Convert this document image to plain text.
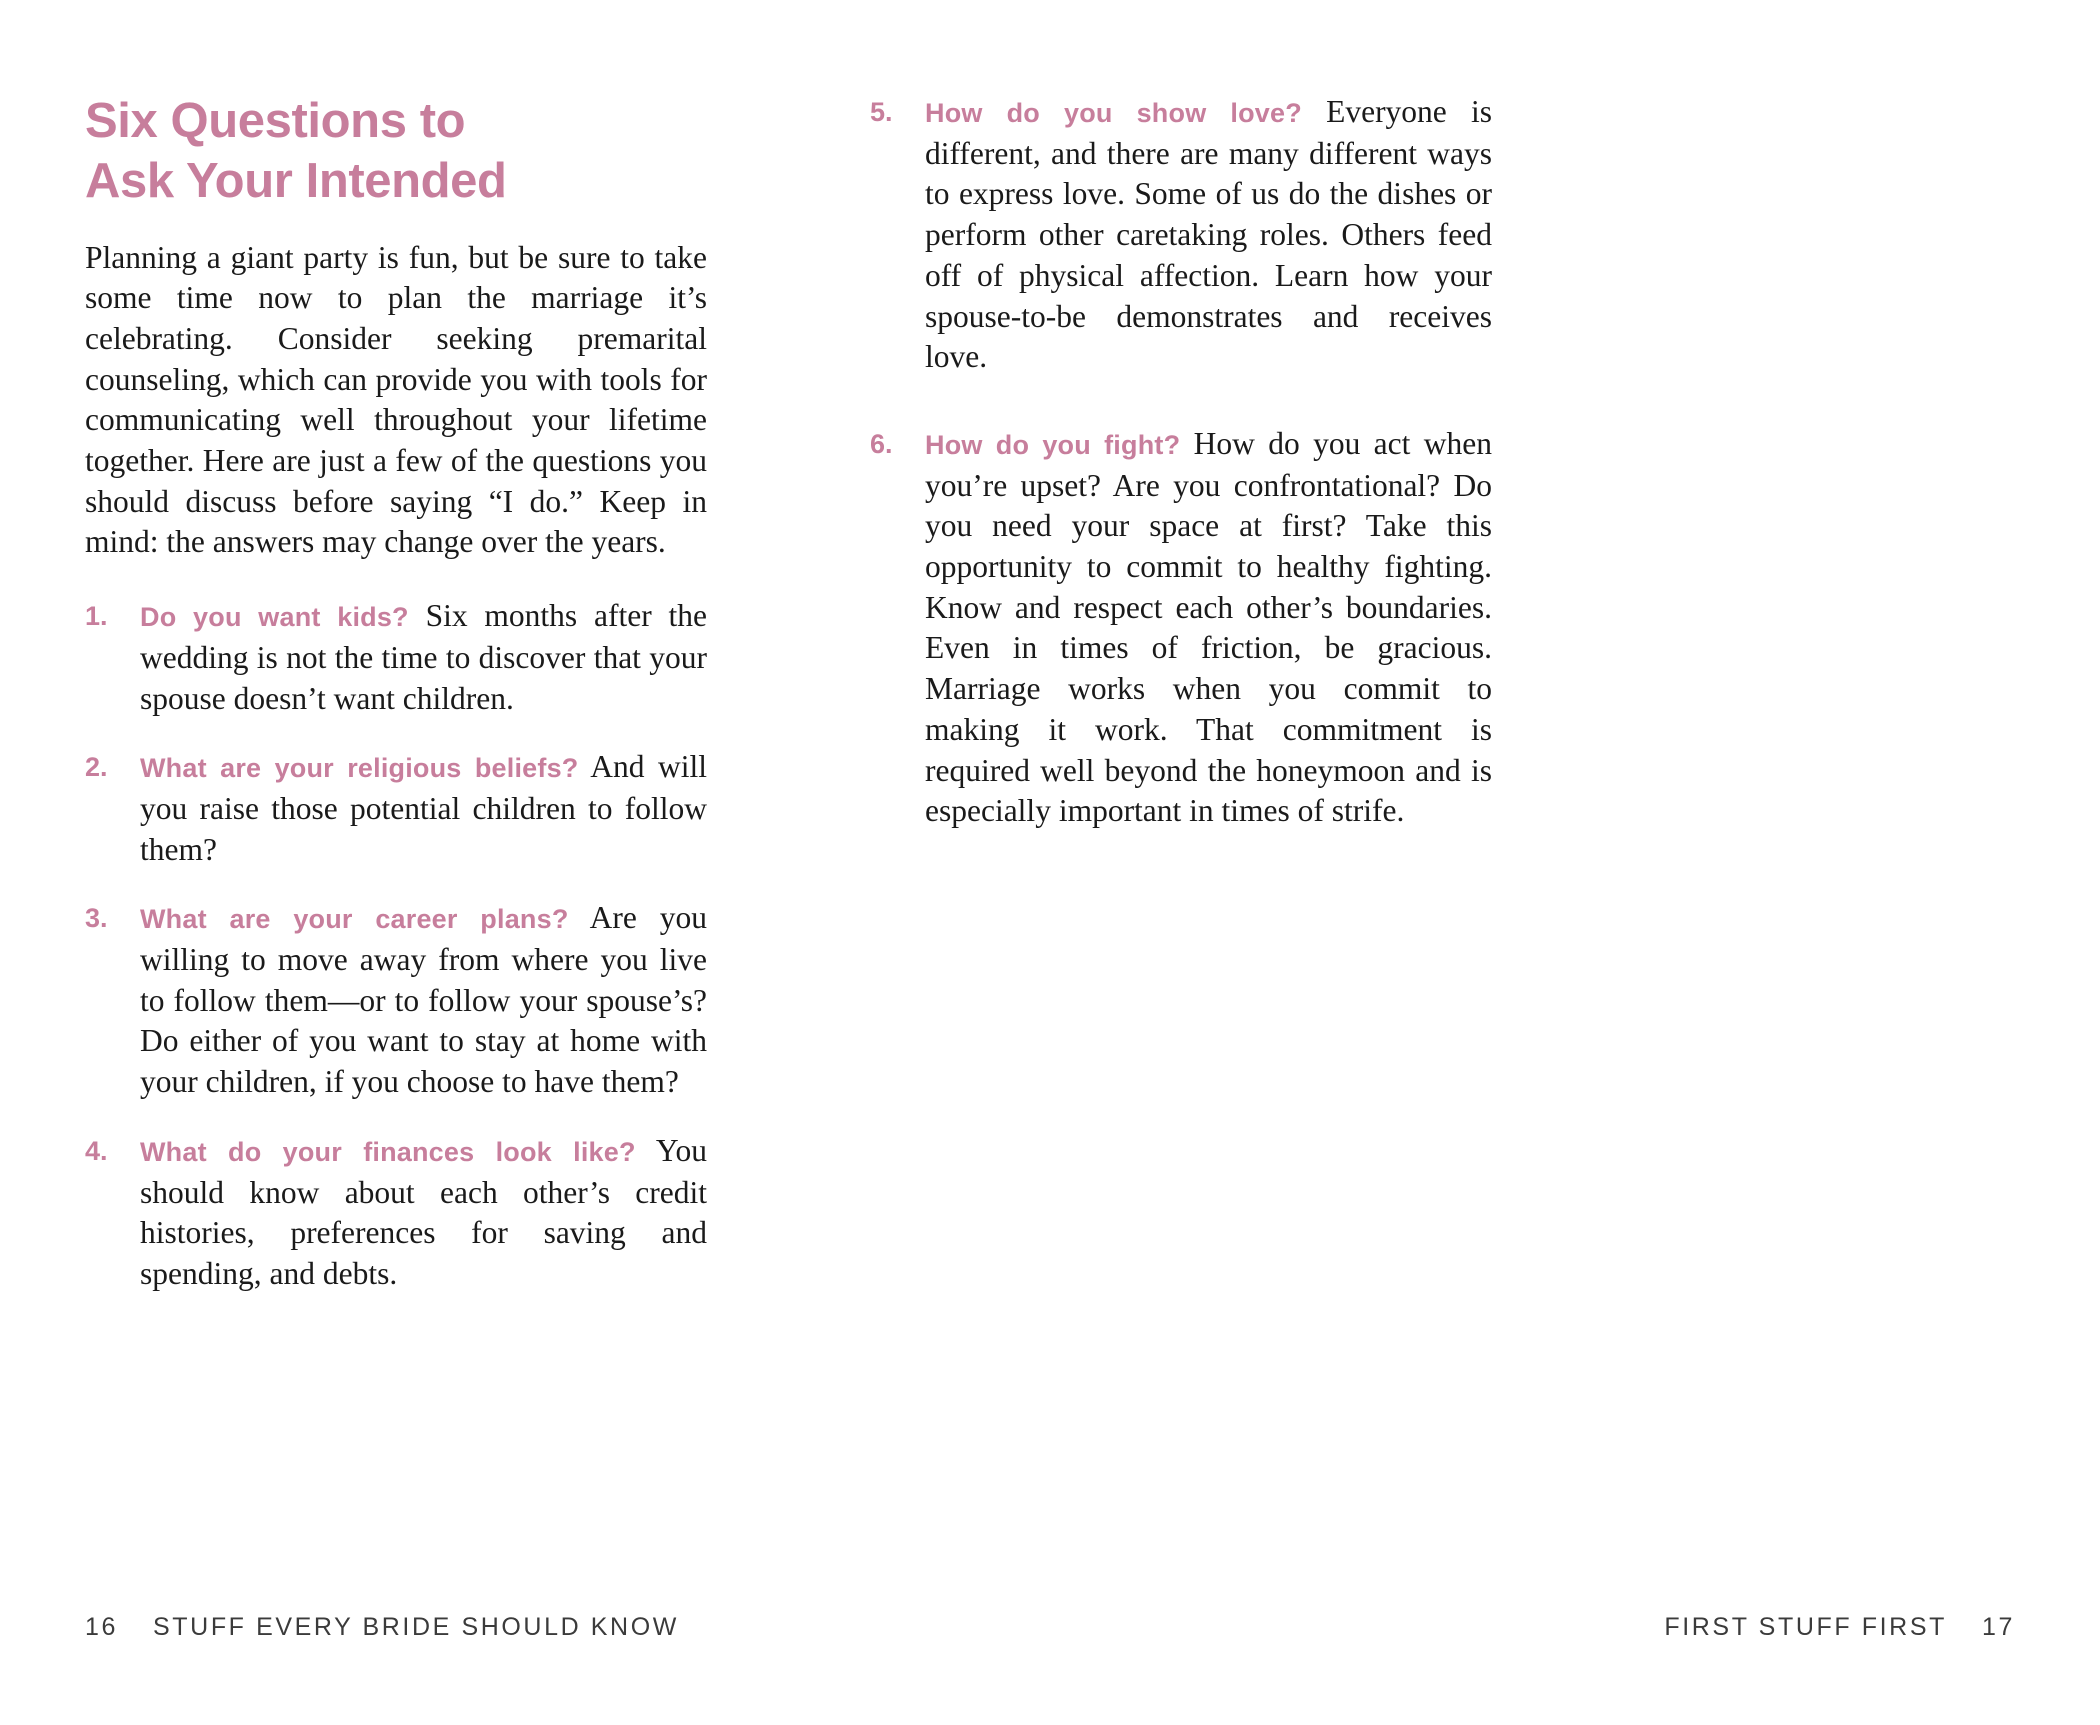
Six Questions to
Ask Your Intended

Planning a giant party is fun, but be sure to take some time now to plan the marriage it’s celebrating. Consider seeking premarital counseling, which can provide you with tools for communicating well throughout your lifetime together. Here are just a few of the questions you should discuss before saying “I do.” Keep in mind: the answers may change over the years.

1. Do you want kids? Six months after the wedding is not the time to discover that your spouse doesn’t want children.
2. What are your religious beliefs? And will you raise those potential children to follow them?
3. What are your career plans? Are you willing to move away from where you live to follow them—or to follow your spouse’s? Do either of you want to stay at home with your children, if you choose to have them?
4. What do your finances look like? You should know about each other’s credit histories, preferences for saving and spending, and debts.
5. How do you show love? Everyone is different, and there are many different ways to express love. Some of us do the dishes or perform other caretaking roles. Others feed off of physical affection. Learn how your spouse-to-be demonstrates and receives love.
6. How do you fight? How do you act when you’re upset? Are you confrontational? Do you need your space at first? Take this opportunity to commit to healthy fighting. Know and respect each other’s boundaries. Even in times of friction, be gracious. Marriage works when you commit to making it work. That commitment is required well beyond the honeymoon and is especially important in times of strife.
16 STUFF EVERY BRIDE SHOULD KNOW	FIRST STUFF FIRST 17
